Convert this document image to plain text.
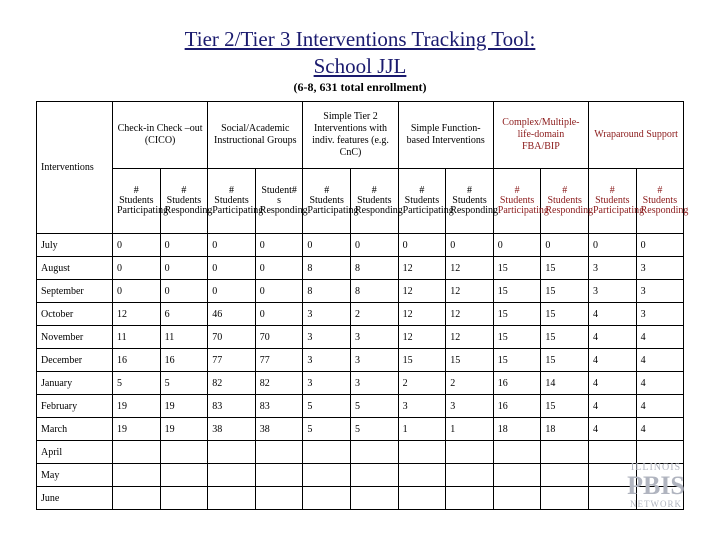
Tier 2/Tier 3 Interventions Tracking Tool:
School JJL
(6-8, 631 total enrollment)
Interventions	Check-in Check –out (CICO)		Social/Academic Instructional Groups		Simple Tier 2 Interventions with indiv. features (e.g. CnC)		Simple Function-based Interventions		Complex/Multiple-life-domain FBA/BIP		Wraparound Support	
	# Students Participating	# Students Responding	# Students Participating	Student# s Responding	# Students Participating	# Students Responding	# Students Participating	# Students Responding	# Students Participating	# Students Responding	# Students Participating	# Students Responding
July	0	0	0	0	0	0	0	0	0	0	0	0
August	0	0	0	0	8	8	12	12	15	15	3	3
September	0	0	0	0	8	8	12	12	15	15	3	3
October	12	6	46	0	3	2	12	12	15	15	4	3
November	11	11	70	70	3	3	12	12	15	15	4	4
December	16	16	77	77	3	3	15	15	15	15	4	4
January	5	5	82	82	3	3	2	2	16	14	4	4
February	19	19	83	83	5	5	3	3	16	15	4	4
March	19	19	38	38	5	5	1	1	18	18	4	4
April												
May												
June												
ILLINOIS
PBIS
NETWORK
